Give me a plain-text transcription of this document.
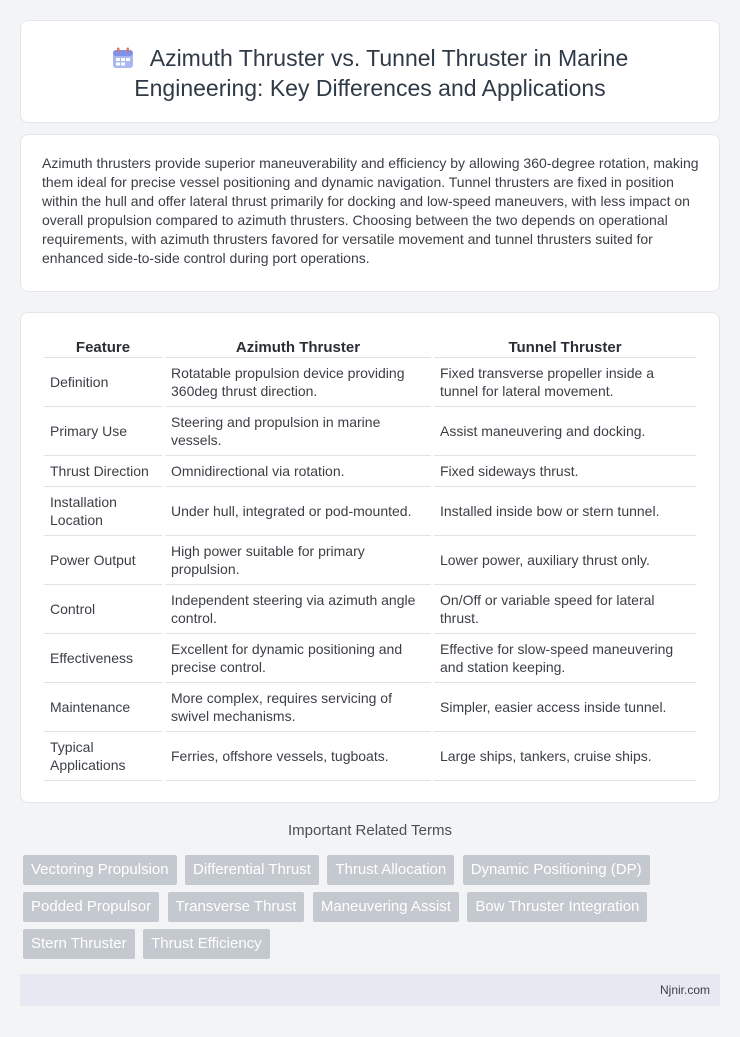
Azimuth Thruster vs. Tunnel Thruster in Marine Engineering: Key Differences and Applications

Azimuth thrusters provide superior maneuverability and efficiency by allowing 360-degree rotation, making them ideal for precise vessel positioning and dynamic navigation. Tunnel thrusters are fixed in position within the hull and offer lateral thrust primarily for docking and low-speed maneuvers, with less impact on overall propulsion compared to azimuth thrusters. Choosing between the two depends on operational requirements, with azimuth thrusters favored for versatile movement and tunnel thrusters suited for enhanced side-to-side control during port operations.

Feature	Azimuth Thruster	Tunnel Thruster
Definition	Rotatable propulsion device providing 360deg thrust direction.	Fixed transverse propeller inside a tunnel for lateral movement.
Primary Use	Steering and propulsion in marine vessels.	Assist maneuvering and docking.
Thrust Direction	Omnidirectional via rotation.	Fixed sideways thrust.
Installation Location	Under hull, integrated or pod-mounted.	Installed inside bow or stern tunnel.
Power Output	High power suitable for primary propulsion.	Lower power, auxiliary thrust only.
Control	Independent steering via azimuth angle control.	On/Off or variable speed for lateral thrust.
Effectiveness	Excellent for dynamic positioning and precise control.	Effective for slow-speed maneuvering and station keeping.
Maintenance	More complex, requires servicing of swivel mechanisms.	Simpler, easier access inside tunnel.
Typical Applications	Ferries, offshore vessels, tugboats.	Large ships, tankers, cruise ships.
Important Related Terms
Vectoring Propulsion Differential Thrust Thrust Allocation Dynamic Positioning (DP) Podded Propulsor Transverse Thrust Maneuvering Assist Bow Thruster Integration Stern Thruster Thrust Efficiency
Njnir.com
